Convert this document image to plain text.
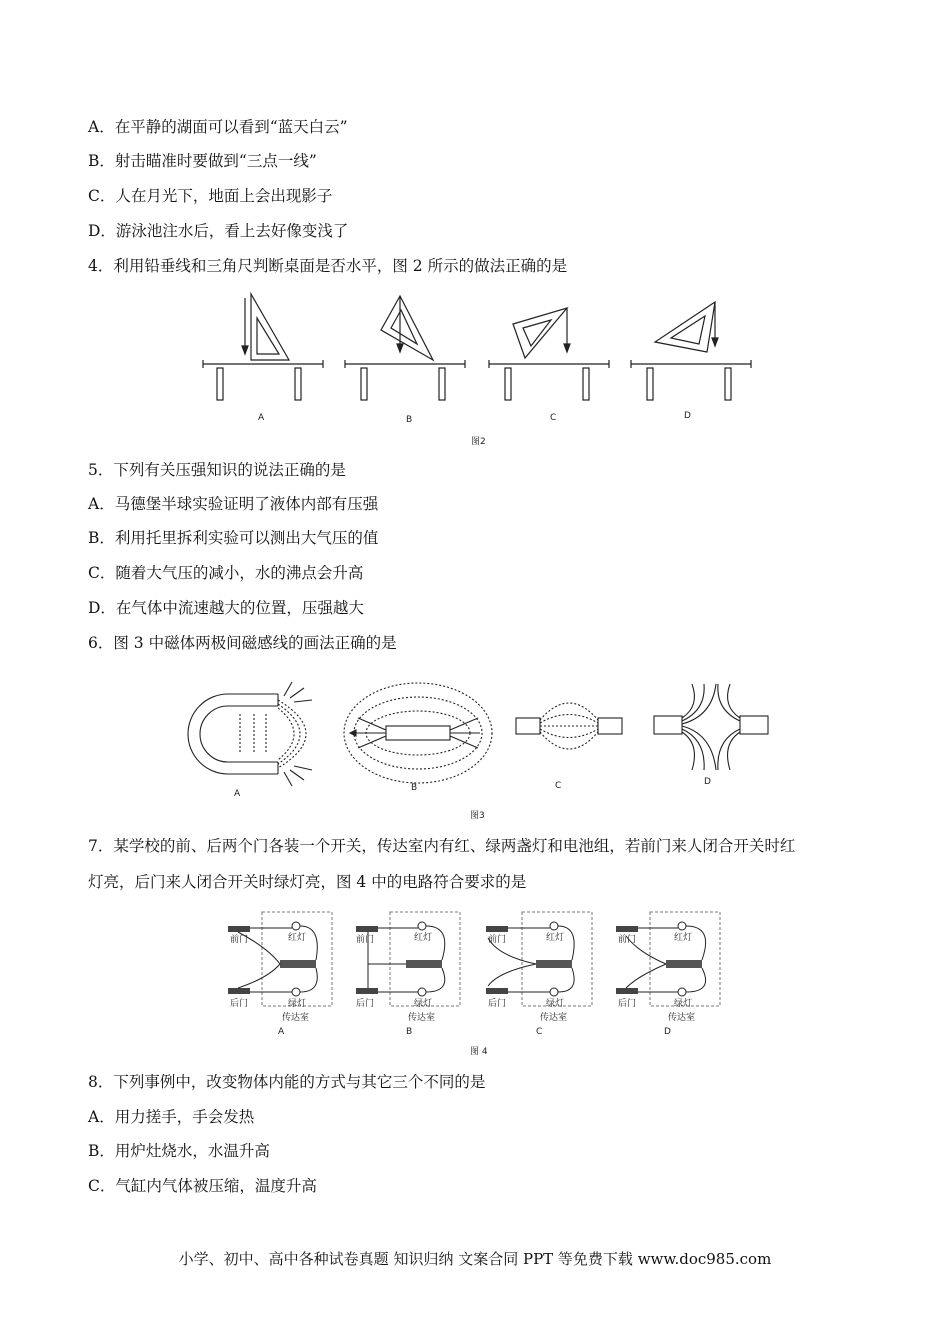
A．在平静的湖面可以看到“蓝天白云”
B．射击瞄准时要做到“三点一线”
C．人在月光下，地面上会出现影子
D．游泳池注水后，看上去好像变浅了
4．利用铅垂线和三角尺判断桌面是否水平，图 2 所示的做法正确的是
A	B	C	D
图2
5．下列有关压强知识的说法正确的是
A．马德堡半球实验证明了液体内部有压强
B．利用托里拆利实验可以测出大气压的值
C．随着大气压的减小，水的沸点会升高
D．在气体中流速越大的位置，压强越大
6．图 3 中磁体两极间磁感线的画法正确的是
A
B	C	D
图3
7．某学校的前、后两个门各装一个开关，传达室内有红、绿两盏灯和电池组，若前门来人闭合开关时红
灯亮，后门来人闭合开关时绿灯亮，图 4 中的电路符合要求的是
前门
后门
红灯
绿灯
传达室
A
前门
后门
红灯
绿灯
传达室
B
前门
后门
红灯
绿灯
传达室
C
前门
后门
红灯
绿灯
传达室
D
图 4
8．下列事例中，改变物体内能的方式与其它三个不同的是
A．用力搓手，手会发热
B．用炉灶烧水，水温升高
C．气缸内气体被压缩，温度升高
小学、初中、高中各种试卷真题 知识归纳 文案合同 PPT 等免费下载 www.doc985.com
